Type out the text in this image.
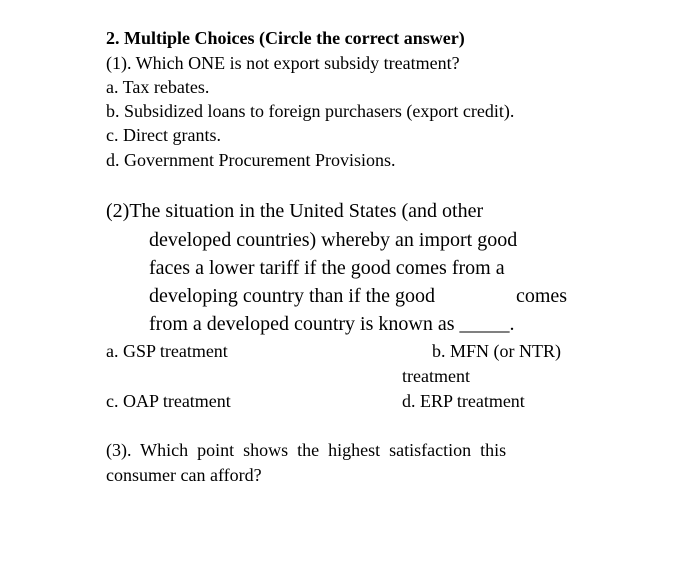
2. Multiple Choices (Circle the correct answer)
(1). Which ONE is not export subsidy treatment?
a. Tax rebates.
b. Subsidized loans to foreign purchasers (export credit).
c. Direct grants.
d. Government Procurement Provisions.
(2)The situation in the United States (and other
developed countries) whereby an import good
faces a lower tariff if the good comes from a
developing country than if the good	comes
from a developed country is known as _____.
a. GSP treatment	b. MFN (or NTR)
treatment
c. OAP treatment	d. ERP treatment
(3).  Which  point  shows  the  highest  satisfaction  this
consumer can afford?
